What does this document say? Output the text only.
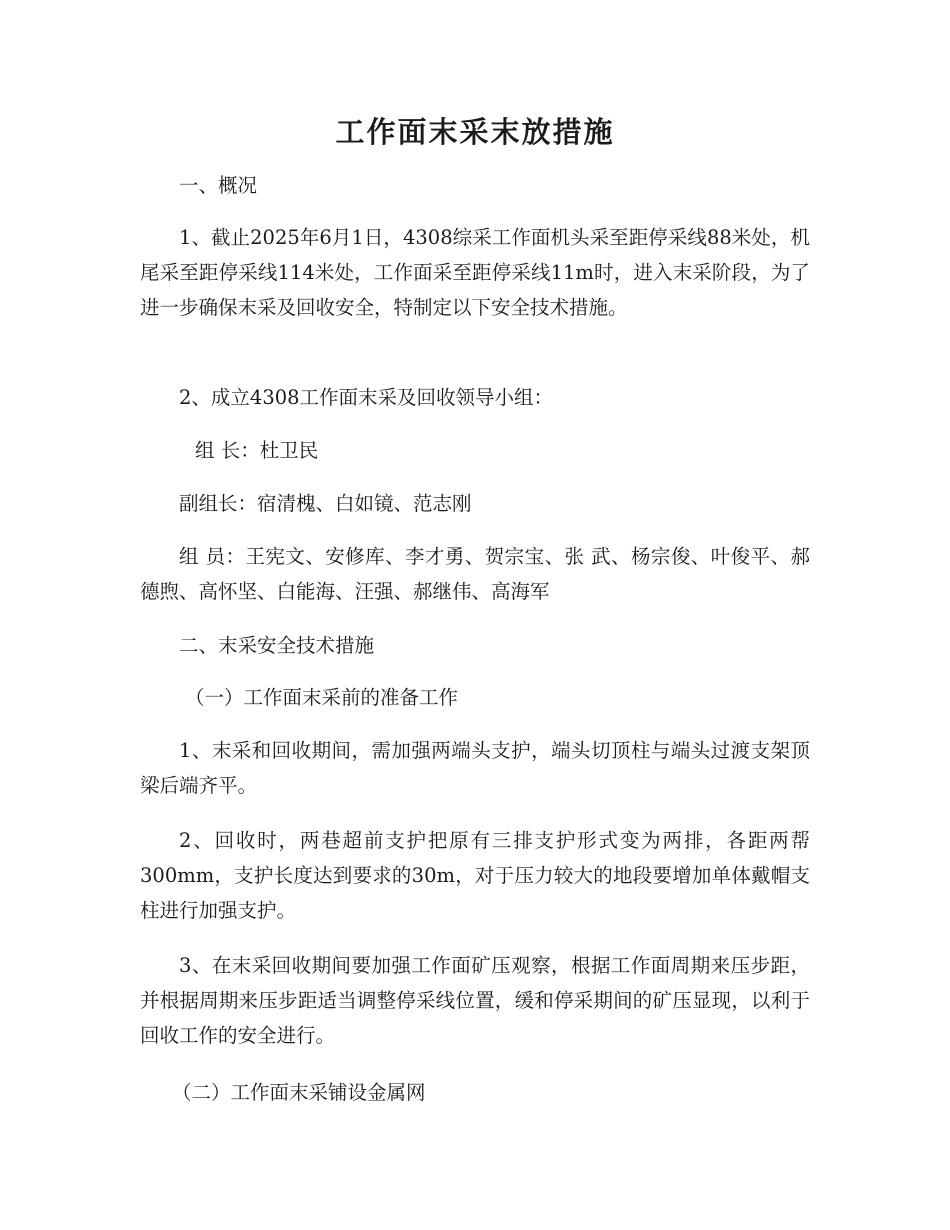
工作面末采末放措施

一、概况

1、截止2025年6月1日，4308综采工作面机头采至距停采线88米处，机尾采至距停采线114米处，工作面采至距停采线11m时，进入末采阶段，为了进一步确保末采及回收安全，特制定以下安全技术措施。

2、成立4308工作面末采及回收领导小组：

组 长：杜卫民

副组长：宿清槐、白如镜、范志刚

组 员：王宪文、安修库、李才勇、贺宗宝、张 武、杨宗俊、叶俊平、郝德煦、高怀坚、白能海、汪强、郝继伟、高海军

二、末采安全技术措施

（一）工作面末采前的准备工作

1、末采和回收期间，需加强两端头支护，端头切顶柱与端头过渡支架顶梁后端齐平。

2、回收时，两巷超前支护把原有三排支护形式变为两排，各距两帮300mm，支护长度达到要求的30m，对于压力较大的地段要增加单体戴帽支柱进行加强支护。

3、在末采回收期间要加强工作面矿压观察，根据工作面周期来压步距，并根据周期来压步距适当调整停采线位置，缓和停采期间的矿压显现，以利于回收工作的安全进行。

（二）工作面末采铺设金属网
